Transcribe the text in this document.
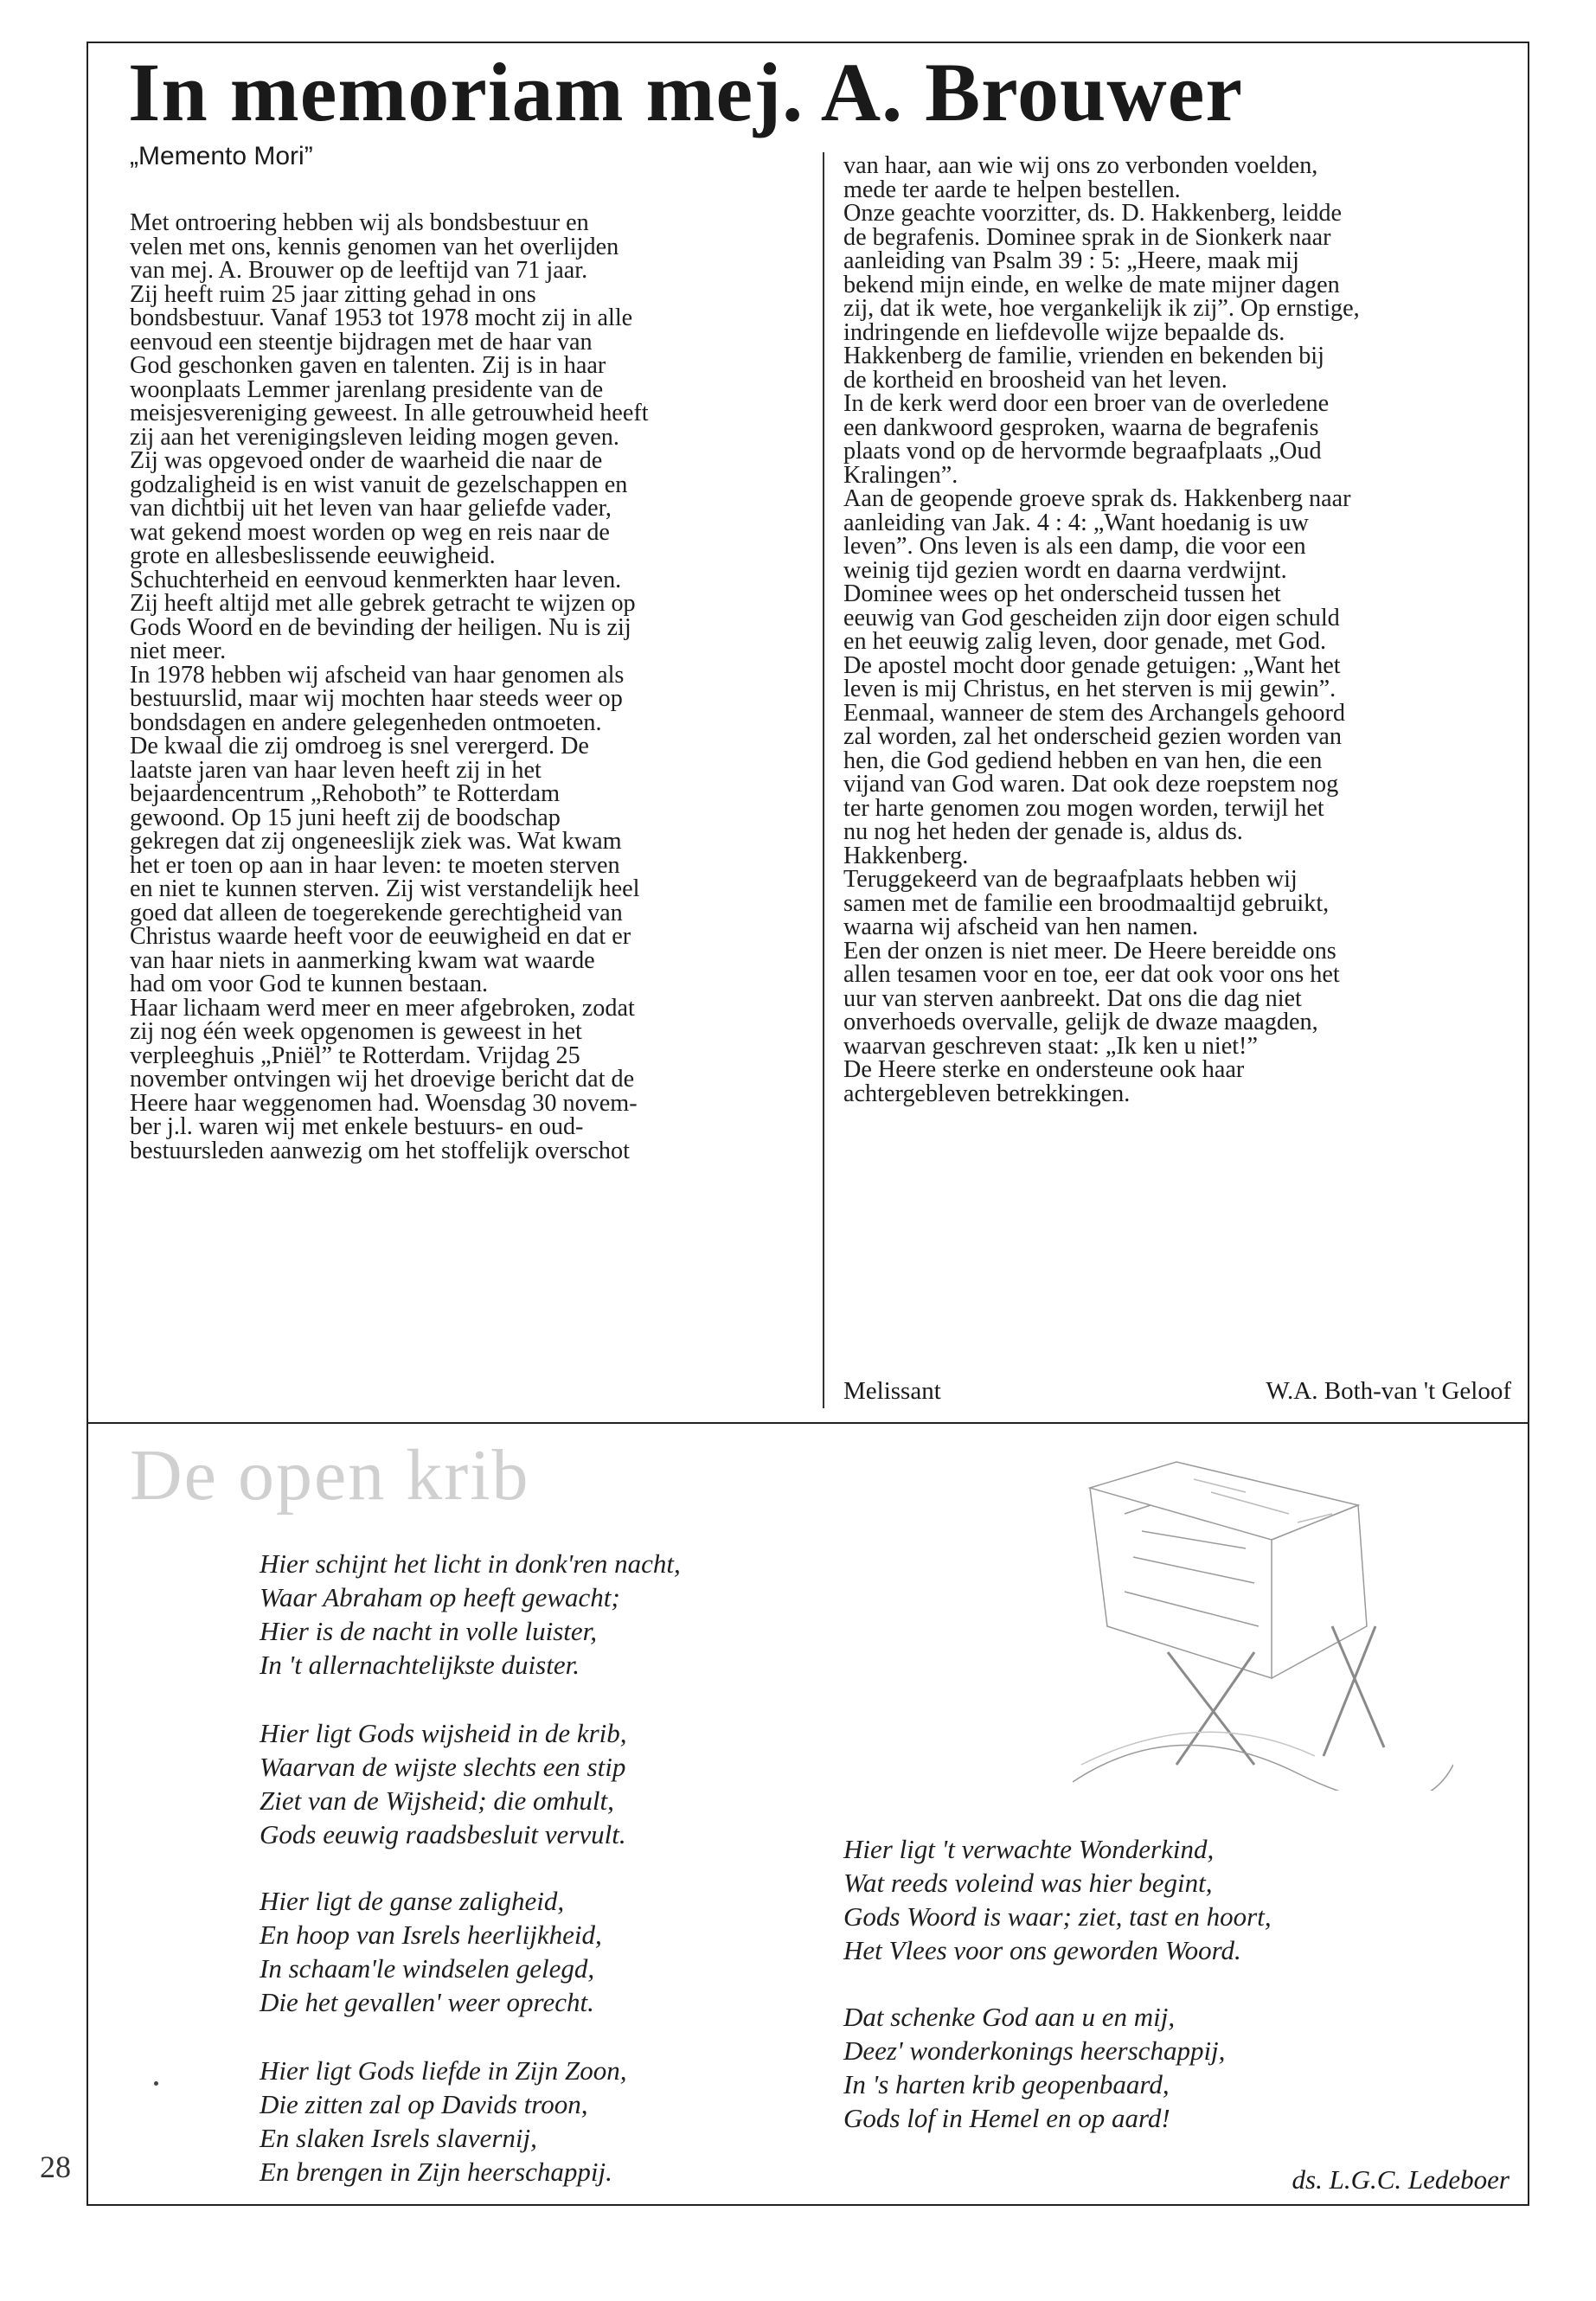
In memoriam mej. A. Brouwer
„Memento Mori”

Met ontroering hebben wij als bondsbestuur en

velen met ons, kennis genomen van het overlijden

van mej. A. Brouwer op de leeftijd van 71 jaar.

Zij heeft ruim 25 jaar zitting gehad in ons

bondsbestuur. Vanaf 1953 tot 1978 mocht zij in alle

eenvoud een steentje bijdragen met de haar van

God geschonken gaven en talenten. Zij is in haar

woonplaats Lemmer jarenlang presidente van de

meisjesvereniging geweest. In alle getrouwheid heeft

zij aan het verenigingsleven leiding mogen geven.

Zij was opgevoed onder de waarheid die naar de

godzaligheid is en wist vanuit de gezelschappen en

van dichtbij uit het leven van haar geliefde vader,

wat gekend moest worden op weg en reis naar de

grote en allesbeslissende eeuwigheid.

Schuchterheid en eenvoud kenmerkten haar leven.

Zij heeft altijd met alle gebrek getracht te wijzen op

Gods Woord en de bevinding der heiligen. Nu is zij

niet meer.

In 1978 hebben wij afscheid van haar genomen als

bestuurslid, maar wij mochten haar steeds weer op

bondsdagen en andere gelegenheden ontmoeten.

De kwaal die zij omdroeg is snel verergerd. De

laatste jaren van haar leven heeft zij in het

bejaardencentrum „Rehoboth” te Rotterdam

gewoond. Op 15 juni heeft zij de boodschap

gekregen dat zij ongeneeslijk ziek was. Wat kwam

het er toen op aan in haar leven: te moeten sterven

en niet te kunnen sterven. Zij wist verstandelijk heel

goed dat alleen de toegerekende gerechtigheid van

Christus waarde heeft voor de eeuwigheid en dat er

van haar niets in aanmerking kwam wat waarde

had om voor God te kunnen bestaan.

Haar lichaam werd meer en meer afgebroken, zodat

zij nog één week opgenomen is geweest in het

verpleeghuis „Pniël” te Rotterdam. Vrijdag 25

november ontvingen wij het droevige bericht dat de

Heere haar weggenomen had. Woensdag 30 novem-

ber j.l. waren wij met enkele bestuurs- en oud-

bestuursleden aanwezig om het stoffelijk overschot

van haar, aan wie wij ons zo verbonden voelden,

mede ter aarde te helpen bestellen.

Onze geachte voorzitter, ds. D. Hakkenberg, leidde

de begrafenis. Dominee sprak in de Sionkerk naar

aanleiding van Psalm 39 : 5: „Heere, maak mij

bekend mijn einde, en welke de mate mijner dagen

zij, dat ik wete, hoe vergankelijk ik zij”. Op ernstige,

indringende en liefdevolle wijze bepaalde ds.

Hakkenberg de familie, vrienden en bekenden bij

de kortheid en broosheid van het leven.

In de kerk werd door een broer van de overledene

een dankwoord gesproken, waarna de begrafenis

plaats vond op de hervormde begraafplaats „Oud

Kralingen”.

Aan de geopende groeve sprak ds. Hakkenberg naar

aanleiding van Jak. 4 : 4: „Want hoedanig is uw

leven”. Ons leven is als een damp, die voor een

weinig tijd gezien wordt en daarna verdwijnt.

Dominee wees op het onderscheid tussen het

eeuwig van God gescheiden zijn door eigen schuld

en het eeuwig zalig leven, door genade, met God.

De apostel mocht door genade getuigen: „Want het

leven is mij Christus, en het sterven is mij gewin”.

Eenmaal, wanneer de stem des Archangels gehoord

zal worden, zal het onderscheid gezien worden van

hen, die God gediend hebben en van hen, die een

vijand van God waren. Dat ook deze roepstem nog

ter harte genomen zou mogen worden, terwijl het

nu nog het heden der genade is, aldus ds.

Hakkenberg.

Teruggekeerd van de begraafplaats hebben wij

samen met de familie een broodmaaltijd gebruikt,

waarna wij afscheid van hen namen.

Een der onzen is niet meer. De Heere bereidde ons

allen tesamen voor en toe, eer dat ook voor ons het

uur van sterven aanbreekt. Dat ons die dag niet

onverhoeds overvalle, gelijk de dwaze maagden,

waarvan geschreven staat: „Ik ken u niet!”

De Heere sterke en ondersteune ook haar

achtergebleven betrekkingen.

Melissant	W.A. Both-van 't Geloof
De open krib

Hier schijnt het licht in donk'ren nacht,

Waar Abraham op heeft gewacht;

Hier is de nacht in volle luister,

In 't allernachtelijkste duister.

Hier ligt Gods wijsheid in de krib,

Waarvan de wijste slechts een stip

Ziet van de Wijsheid; die omhult,

Gods eeuwig raadsbesluit vervult.

Hier ligt de ganse zaligheid,

En hoop van Isrels heerlijkheid,

In schaam'le windselen gelegd,

Die het gevallen' weer oprecht.

Hier ligt Gods liefde in Zijn Zoon,

Die zitten zal op Davids troon,

En slaken Isrels slavernij,

En brengen in Zijn heerschappij.

Hier ligt 't verwachte Wonderkind,

Wat reeds voleind was hier begint,

Gods Woord is waar; ziet, tast en hoort,

Het Vlees voor ons geworden Woord.

Dat schenke God aan u en mij,

Deez' wonderkonings heerschappij,

In 's harten krib geopenbaard,

Gods lof in Hemel en op aard!

ds. L.G.C. Ledeboer
28
